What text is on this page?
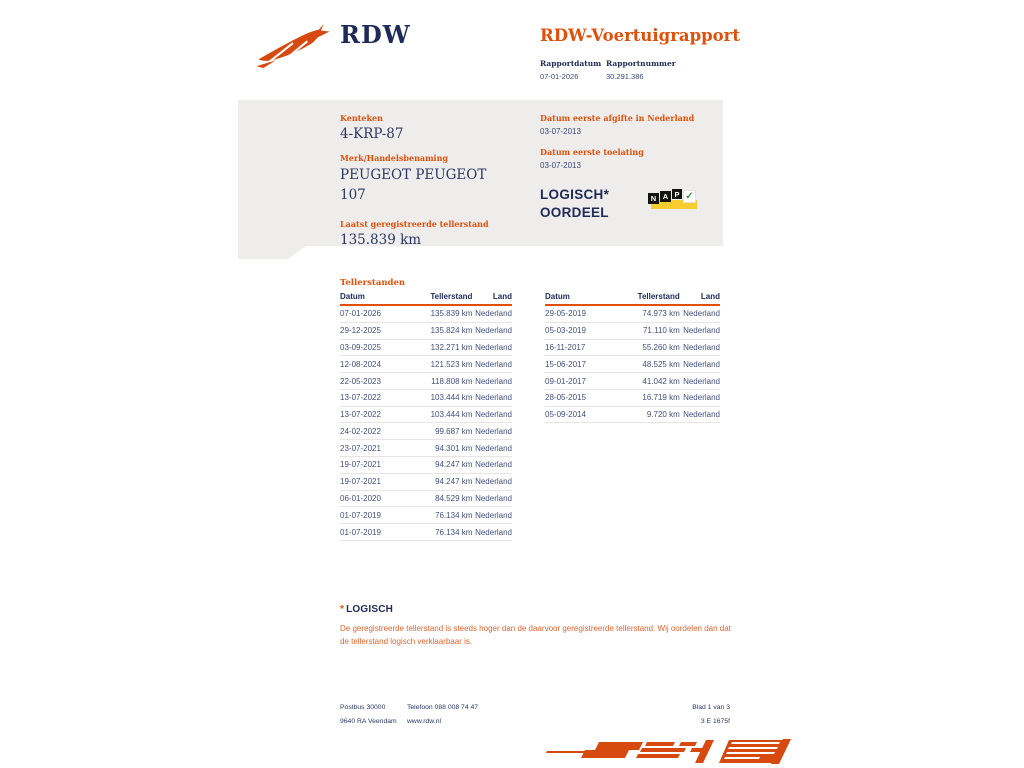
RDW	RDW-Voertuigrapport
Rapportdatum
07-01-2026
Rapportnummer
30.291.386
Kenteken
4-KRP-87
Merk/Handelsbenaming
PEUGEOT PEUGEOT 107
Laatst geregistreerde tellerstand
135.839 km
Datum eerste afgifte in Nederland
03-07-2013
Datum eerste toelating
03-07-2013
LOGISCH*
OORDEEL
N A P ✓
Tellerstanden
Datum	Tellerstand	Land
07-01-2026	135.839 km	Nederland
29-12-2025	135.824 km	Nederland
03-09-2025	132.271 km	Nederland
12-08-2024	121.523 km	Nederland
22-05-2023	118.808 km	Nederland
13-07-2022	103.444 km	Nederland
13-07-2022	103.444 km	Nederland
24-02-2022	99.687 km	Nederland
23-07-2021	94.301 km	Nederland
19-07-2021	94.247 km	Nederland
19-07-2021	94.247 km	Nederland
06-01-2020	84.529 km	Nederland
01-07-2019	76.134 km	Nederland
01-07-2019	76.134 km	Nederland
Datum	Tellerstand	Land
29-05-2019	74.973 km	Nederland
05-03-2019	71.110 km	Nederland
16-11-2017	55.260 km	Nederland
15-06-2017	48.525 km	Nederland
09-01-2017	41.042 km	Nederland
28-05-2015	16.719 km	Nederland
05-09-2014	9.720 km	Nederland
* LOGISCH
De geregistreerde tellerstand is steeds hoger dan de daarvoor geregistreerde tellerstand. Wij oordelen dan dat de tellerstand logisch verklaarbaar is.
Postbus 30000
9640 RA Veendam
Telefoon 088 008 74 47
www.rdw.nl
Blad 1 van 3
3 E 1675f
